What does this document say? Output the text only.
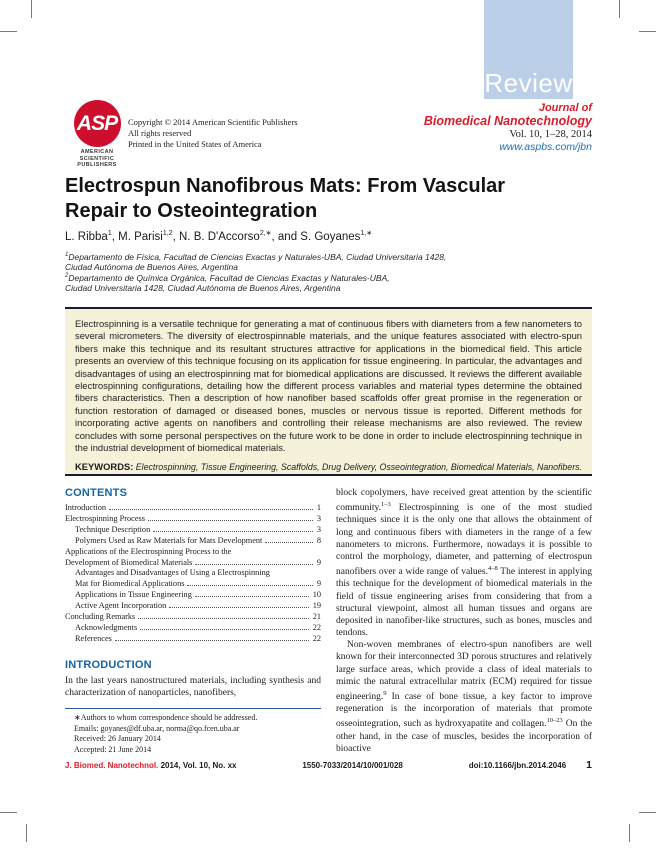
Review
ASP
AMERICAN
SCIENTIFIC
PUBLISHERS
Copyright © 2014 American Scientific Publishers
All rights reserved
Printed in the United States of America
Journal of
Biomedical Nanotechnology
Vol. 10, 1–28, 2014
www.aspbs.com/jbn
Electrospun Nanofibrous Mats: From Vascular
Repair to Osteointegration
L. Ribba$^1$, M. Parisi$^{1,2}$, N. B. D'Accorso$^{2,∗}$, and S. Goyanes$^{1,∗}$
$^1$Departamento de Física, Facultad de Ciencias Exactas y Naturales-UBA, Ciudad Universitaria 1428,
Ciudad Autónoma de Buenos Aires, Argentina
$^2$Departamento de Química Orgánica, Facultad de Ciencias Exactas y Naturales-UBA,
Ciudad Universitaria 1428, Ciudad Autónoma de Buenos Aires, Argentina
Electrospinning is a versatile technique for generating a mat of continuous fibers with diameters from a few nanometers to several micrometers. The diversity of electrospinnable materials, and the unique features associated with electro-spun fibers make this technique and its resultant structures attractive for applications in the biomedical field. This article presents an overview of this technique focusing on its application for tissue engineering. In particular, the advantages and disadvantages of using an electrospinning mat for biomedical applications are discussed. It reviews the different available electrospinning configurations, detailing how the different process variables and material types determine the obtained fibers characteristics. Then a description of how nanofiber based scaffolds offer great promise in the regeneration or function restoration of damaged or diseased bones, muscles or nervous tissue is reported. Different methods for incorporating active agents on nanofibers and controlling their release mechanisms are also reviewed. The review concludes with some personal perspectives on the future work to be done in order to include electrospinning technique in the industrial development of biomedical materials.
KEYWORDS: Electrospinning, Tissue Engineering, Scaffolds, Drug Delivery, Osseointegration, Biomedical Materials, Nanofibers.
CONTENTS
Introduction	1
Electrospinning Process	3
Technique Description	3
Polymers Used as Raw Materials for Mats Development	8
Applications of the Electrospinning Process to the
Development of Biomedical Materials	9
Advantages and Disadvantages of Using a Electrospinning
Mat for Biomedical Applications	9
Applications in Tissue Engineering	10
Active Agent Incorporation	19
Concluding Remarks	21
Acknowledgments	22
References	22
INTRODUCTION

In the last years nanostructured materials, including synthesis and characterization of nanoparticles, nanofibers,

∗Authors to whom correspondence should be addressed.
Emails: goyanes@df.uba.ar, norma@qo.fcen.uba.ar
Received: 26 January 2014
Accepted: 21 June 2014

block copolymers, have received great attention by the scientific community.$^{1-3}$ Electrospinning is one of the most studied techniques since it is the only one that allows the obtainment of long and continuous fibers with diameters in the range of a few nanometers to microns. Furthermore, nowadays it is possible to control the morphology, diameter, and patterning of electrospun nanofibers over a wide range of values.$^{4-8}$ The interest in applying this technique for the development of biomedical materials in the field of tissue engineering arises from considering that from a structural viewpoint, almost all human tissues and organs are deposited in nanofiber-like structures, such as bones, muscles and tendons.

Non-woven membranes of electro-spun nanofibers are well known for their interconnected 3D porous structures and relatively large surface areas, which provide a class of ideal materials to mimic the natural extracellular matrix (ECM) required for tissue engineering.$^9$ In case of bone tissue, a key factor to improve regeneration is the incorporation of materials that promote osseointegration, such as hydroxyapatite and collagen.$^{10-23}$ On the other hand, in the case of muscles, besides the incorporation of bioactive

J. Biomed. Nanotechnol. 2014, Vol. 10, No. xx	1550-7033/2014/10/001/028	doi:10.1166/jbn.2014.2046 1
